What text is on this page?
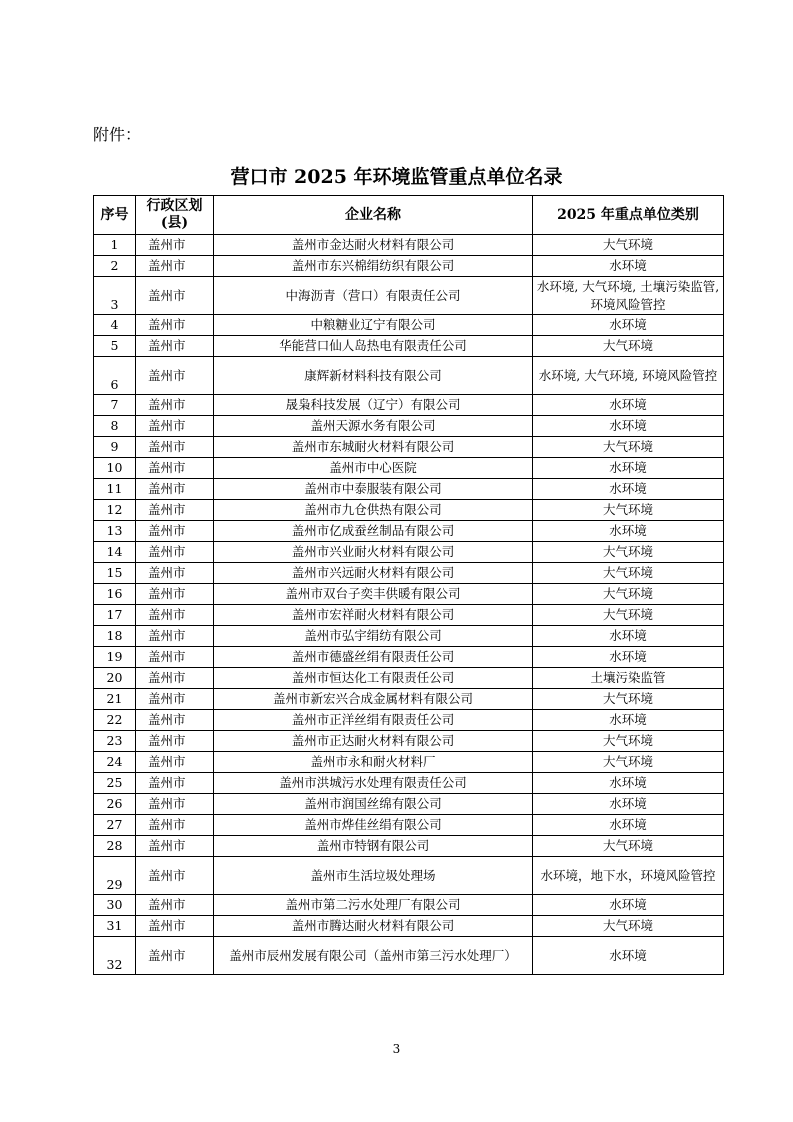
附件：
营口市 2025 年环境监管重点单位名录
序号	行政区划(县)	企业名称	2025 年重点单位类别
1	盖州市	盖州市金达耐火材料有限公司	大气环境
2	盖州市	盖州市东兴棉绢纺织有限公司	水环境
3	盖州市	中海沥青（营口）有限责任公司	水环境, 大气环境, 土壤污染监管, 环境风险管控
4	盖州市	中粮糖业辽宁有限公司	水环境
5	盖州市	华能营口仙人岛热电有限责任公司	大气环境
6	盖州市	康辉新材料科技有限公司	水环境, 大气环境, 环境风险管控
7	盖州市	晟枭科技发展（辽宁）有限公司	水环境
8	盖州市	盖州天源水务有限公司	水环境
9	盖州市	盖州市东城耐火材料有限公司	大气环境
10	盖州市	盖州市中心医院	水环境
11	盖州市	盖州市中泰服装有限公司	水环境
12	盖州市	盖州市九仓供热有限公司	大气环境
13	盖州市	盖州市亿成蚕丝制品有限公司	水环境
14	盖州市	盖州市兴业耐火材料有限公司	大气环境
15	盖州市	盖州市兴远耐火材料有限公司	大气环境
16	盖州市	盖州市双台子奕丰供暖有限公司	大气环境
17	盖州市	盖州市宏祥耐火材料有限公司	大气环境
18	盖州市	盖州市弘宇绢纺有限公司	水环境
19	盖州市	盖州市德盛丝绢有限责任公司	水环境
20	盖州市	盖州市恒达化工有限责任公司	土壤污染监管
21	盖州市	盖州市新宏兴合成金属材料有限公司	大气环境
22	盖州市	盖州市正洋丝绢有限责任公司	水环境
23	盖州市	盖州市正达耐火材料有限公司	大气环境
24	盖州市	盖州市永和耐火材料厂	大气环境
25	盖州市	盖州市洪城污水处理有限责任公司	水环境
26	盖州市	盖州市润国丝绵有限公司	水环境
27	盖州市	盖州市烨佳丝绢有限公司	水环境
28	盖州市	盖州市特钢有限公司	大气环境
29	盖州市	盖州市生活垃圾处理场	水环境，地下水，环境风险管控
30	盖州市	盖州市第二污水处理厂有限公司	水环境
31	盖州市	盖州市腾达耐火材料有限公司	大气环境
32	盖州市	盖州市辰州发展有限公司（盖州市第三污水处理厂）	水环境
3
